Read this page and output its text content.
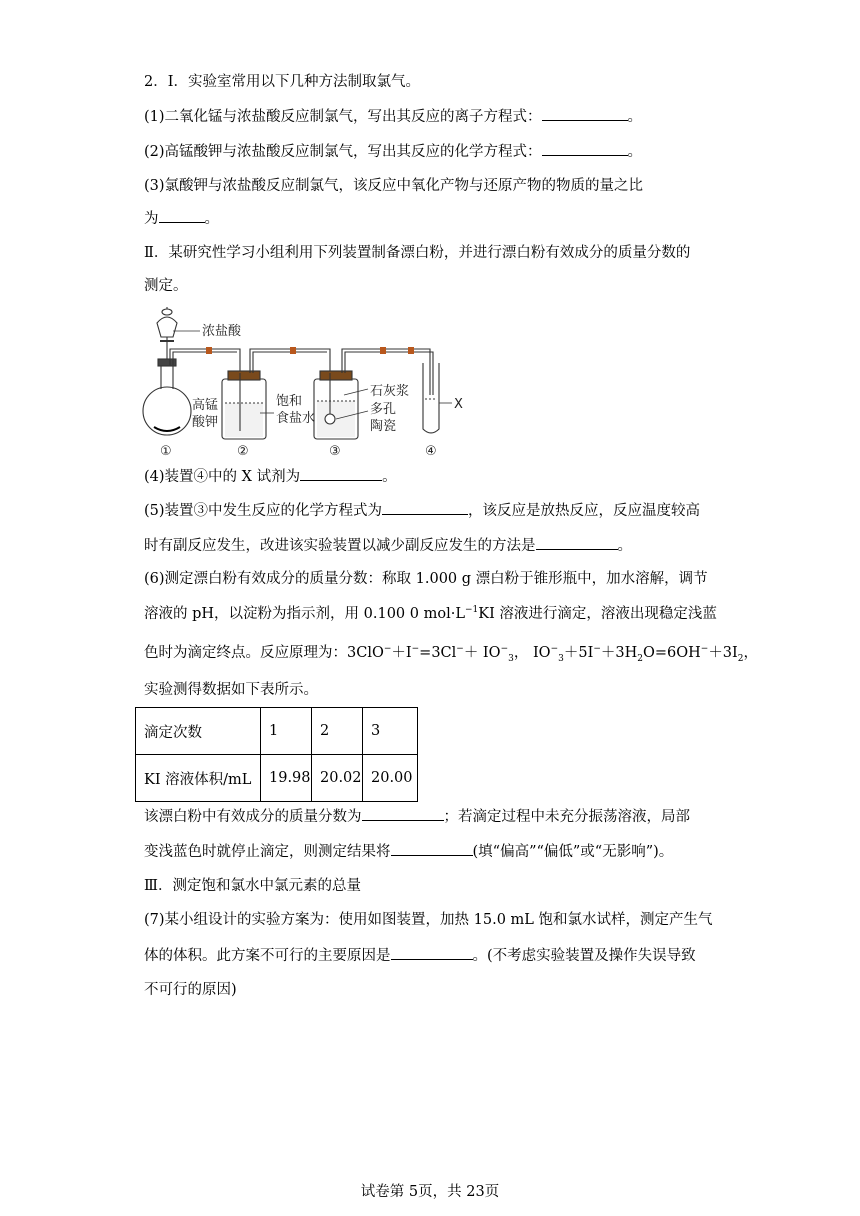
2．Ⅰ．实验室常用以下几种方法制取氯气。
(1)二氧化锰与浓盐酸反应制氯气，写出其反应的离子方程式：	。
(2)高锰酸钾与浓盐酸反应制氯气，写出其反应的化学方程式：	。
(3)氯酸钾与浓盐酸反应制氯气，该反应中氧化产物与还原产物的物质的量之比
为	。
Ⅱ．某研究性学习小组利用下列装置制备漂白粉，并进行漂白粉有效成分的质量分数的
测定。
浓盐酸
高锰
酸钾
饱和
食盐水
石灰浆
多孔
陶瓷
X
①	②	③	④
(4)装置④中的 X 试剂为	。
(5)装置③中发生反应的化学方程式为	，该反应是放热反应，反应温度较高
时有副反应发生，改进该实验装置以减少副反应发生的方法是	。
(6)测定漂白粉有效成分的质量分数：称取 1.000 g 漂白粉于锥形瓶中，加水溶解，调节
溶液的 pH，以淀粉为指示剂，用 0.100 0 $mol\cdot L^{-1}KI$ 溶液进行滴定，溶液出现稳定浅蓝
色时为滴定终点。反应原理为：$3ClO^-+I^-=3Cl^-+ IO^-_3$， $IO^-_3+5I^-+3H_2O=6OH^-+3I_2$，
实验测得数据如下表所示。
滴定次数	1	2	3
KI 溶液体积/mL	19.98	20.02	20.00
该漂白粉中有效成分的质量分数为	；若滴定过程中未充分振荡溶液，局部
变浅蓝色时就停止滴定，则测定结果将	(填“偏高”“偏低”或“无影响”)。
Ⅲ．测定饱和氯水中氯元素的总量
(7)某小组设计的实验方案为：使用如图装置，加热 15.0 mL 饱和氯水试样，测定产生气
体的体积。此方案不可行的主要原因是	。(不考虑实验装置及操作失误导致
不可行的原因)
试卷第 5页，共 23页
